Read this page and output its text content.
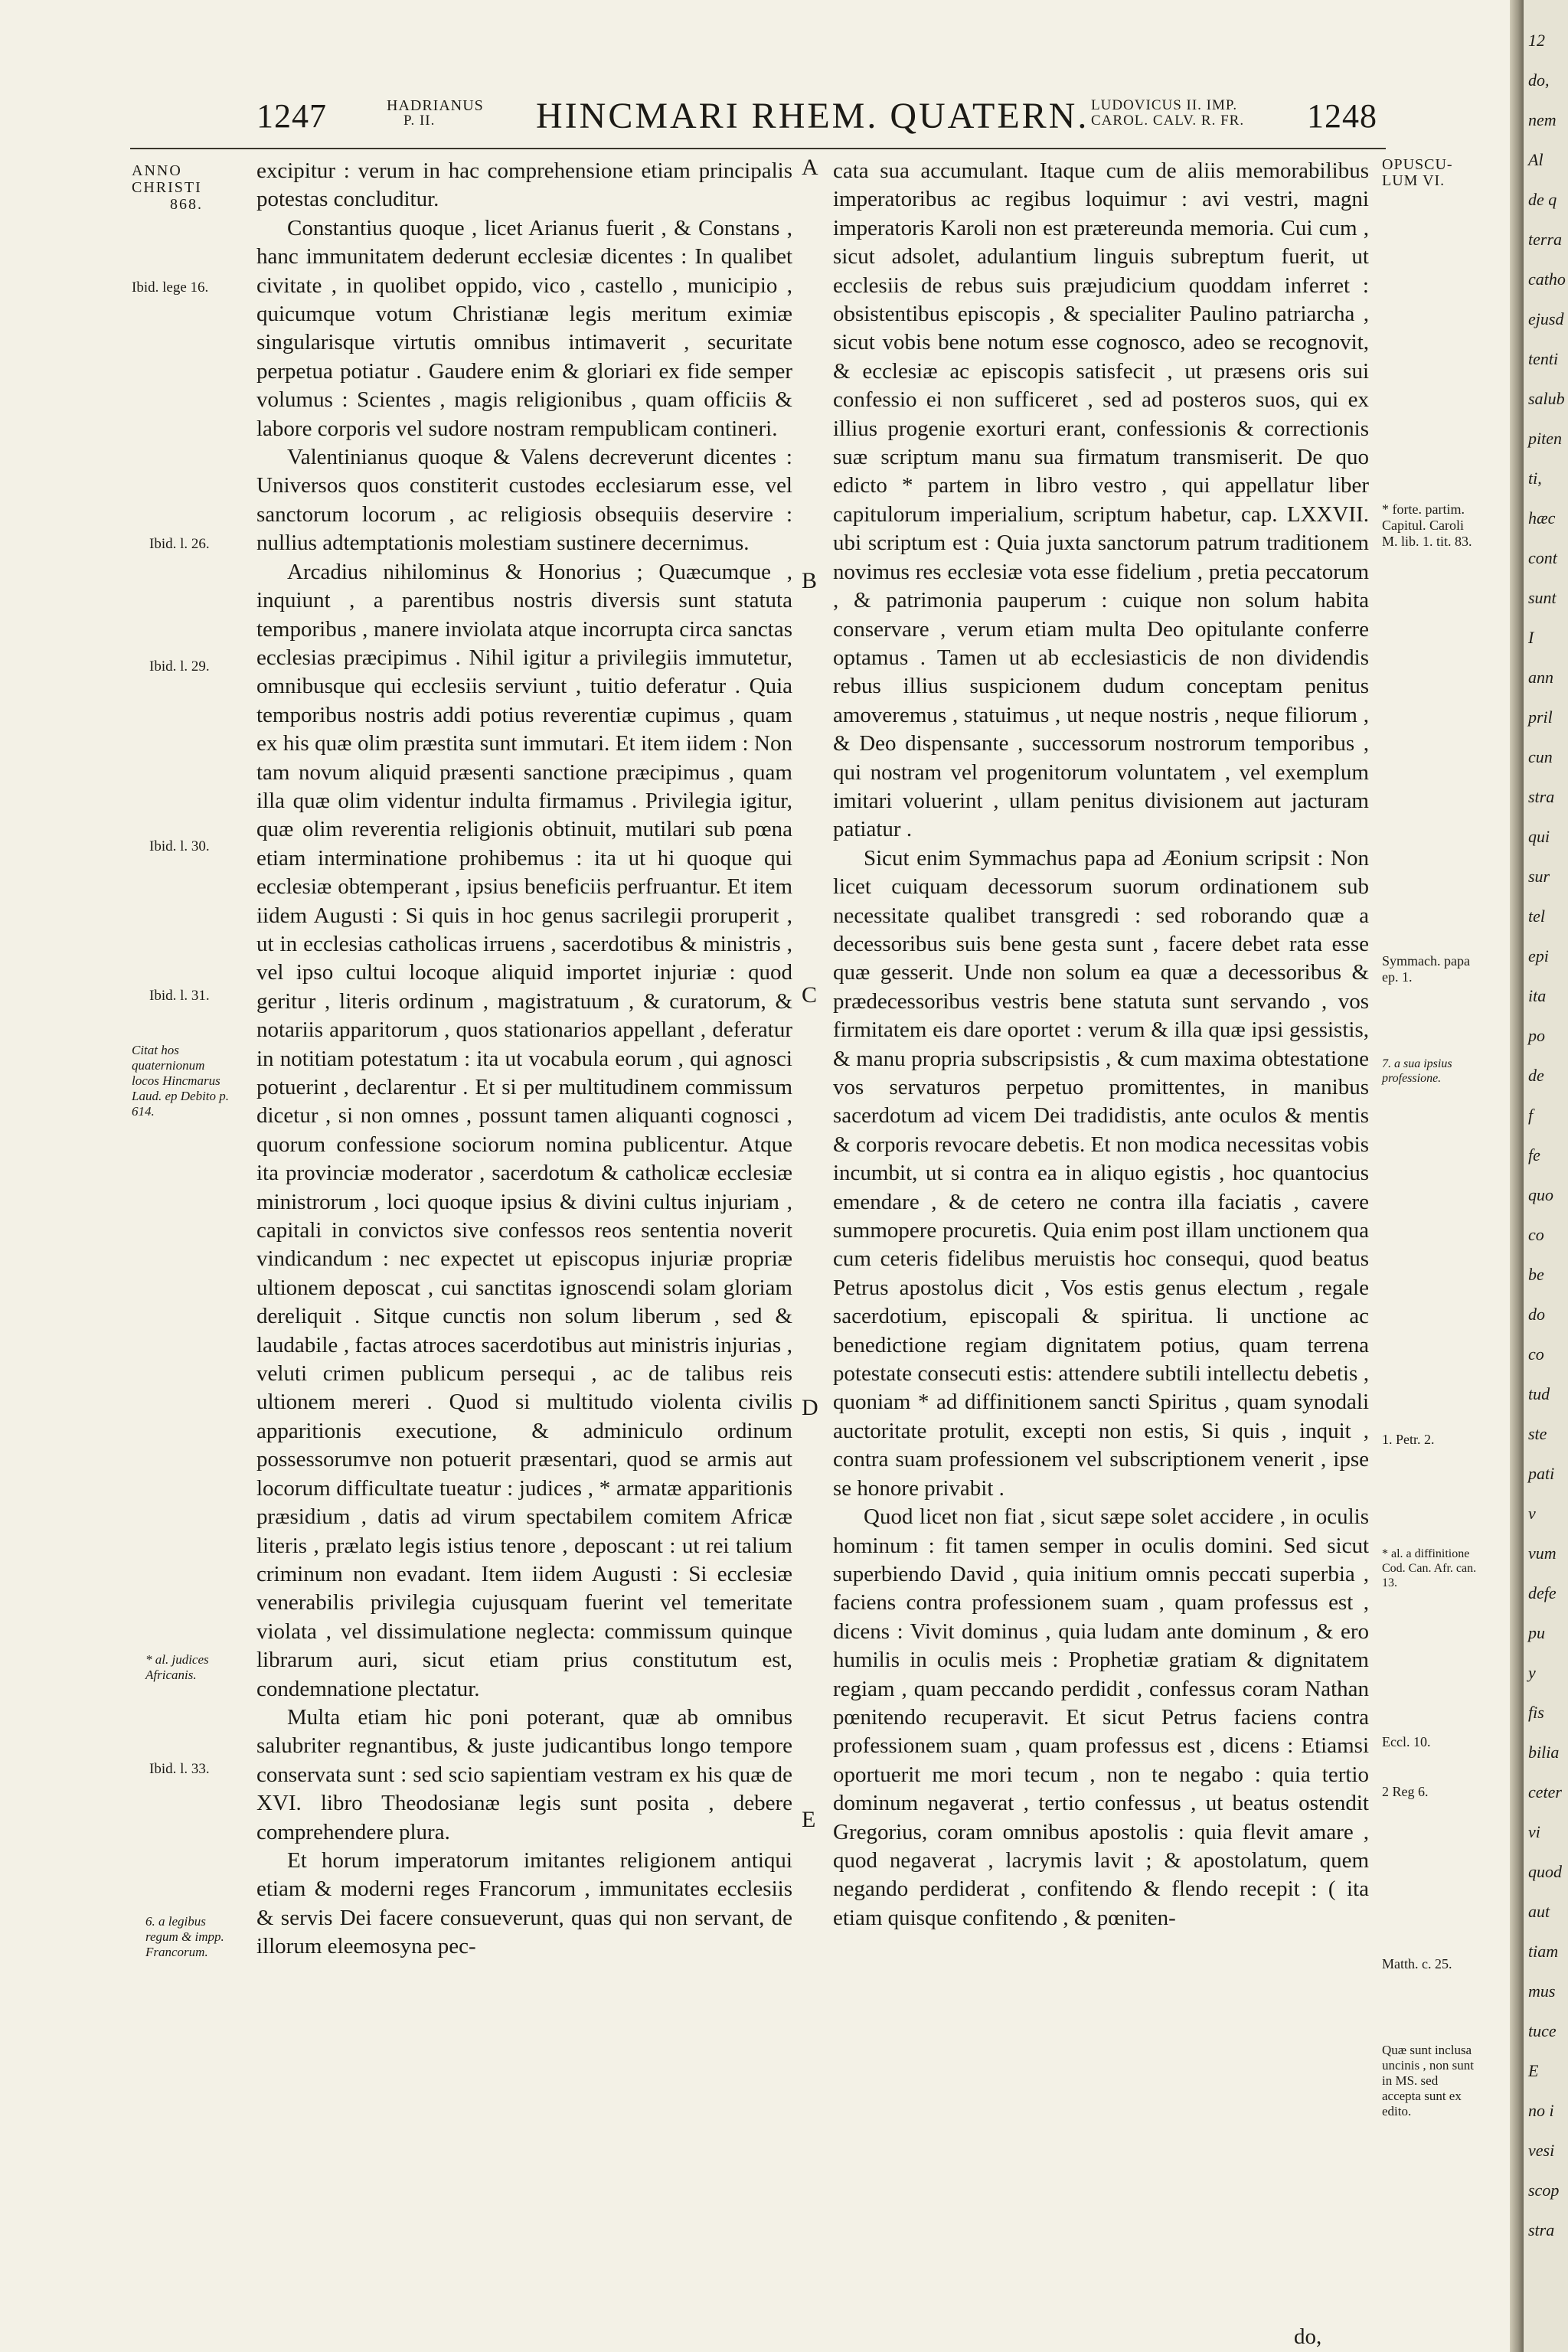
1247	HADRIANUS
P. II.	HINCMARI RHEM. QUATERN. LUDOVICUS II. IMP.
CAROL. CALV. R. FR. 1248
ANNO
CHRISTI
868.
Ibid. lege 16.
Ibid. l. 26.
Ibid. l. 29.
Ibid. l. 30.
Ibid. l. 31.
Citat hos quaternionum locos Hincmarus Laud. ep Debito p. 614.
* al. judices Africanis.
Ibid. l. 33.
6. a legibus regum & impp. Francorum.

excipitur : verum in hac comprehensione etiam principalis potestas concluditur.

Constantius quoque , licet Arianus fuerit , & Constans , hanc immunitatem dederunt ecclesiæ dicentes : In qualibet civitate , in quolibet oppido, vico , castello , municipio , quicumque votum Christianæ legis meritum eximiæ singularisque virtutis omnibus intimaverit , securitate perpetua potiatur . Gaudere enim & gloriari ex fide semper volumus : Scientes , magis religionibus , quam officiis & labore corporis vel sudore nostram rempublicam contineri.

Valentinianus quoque & Valens decreverunt dicentes : Universos quos constiterit custodes ecclesiarum esse, vel sanctorum locorum , ac religiosis obsequiis deservire : nullius adtemptationis molestiam sustinere decernimus.

Arcadius nihilominus & Honorius ; Quæcumque , inquiunt , a parentibus nostris diversis sunt statuta temporibus , manere inviolata atque incorrupta circa sanctas ecclesias præcipimus . Nihil igitur a privilegiis immutetur, omnibusque qui ecclesiis serviunt , tuitio deferatur . Quia temporibus nostris addi potius reverentiæ cupimus , quam ex his quæ olim præstita sunt immutari. Et item iidem : Non tam novum aliquid præsenti sanctione præcipimus , quam illa quæ olim videntur indulta firmamus . Privilegia igitur, quæ olim reverentia religionis obtinuit, mutilari sub pœna etiam interminatione prohibemus : ita ut hi quoque qui ecclesiæ obtemperant , ipsius beneficiis perfruantur. Et item iidem Augusti : Si quis in hoc genus sacrilegii proruperit , ut in ecclesias catholicas irruens , sacerdotibus & ministris , vel ipso cultui locoque aliquid importet injuriæ : quod geritur , literis ordinum , magistratuum , & curatorum, & notariis apparitorum , quos stationarios appellant , deferatur in notitiam potestatum : ita ut vocabula eorum , qui agnosci potuerint , declarentur . Et si per multitudinem commissum dicetur , si non omnes , possunt tamen aliquanti cognosci , quorum confessione sociorum nomina publicentur. Atque ita provinciæ moderator , sacerdotum & catholicæ ecclesiæ ministrorum , loci quoque ipsius & divini cultus injuriam , capitali in convictos sive confessos reos sententia noverit vindicandum : nec expectet ut episcopus injuriæ propriæ ultionem deposcat , cui sanctitas ignoscendi solam gloriam dereliquit . Sitque cunctis non solum liberum , sed & laudabile , factas atroces sacerdotibus aut ministris injurias , veluti crimen publicum persequi , ac de talibus reis ultionem mereri . Quod si multitudo violenta civilis apparitionis executione, & adminiculo ordinum possessorumve non potuerit præsentari, quod se armis aut locorum difficultate tueatur : judices , * armatæ apparitionis præsidium , datis ad virum spectabilem comitem Africæ literis , prælato legis istius tenore , deposcant : ut rei talium criminum non evadant. Item iidem Augusti : Si ecclesiæ venerabilis privilegia cujusquam fuerint vel temeritate violata , vel dissimulatione neglecta: commissum quinque librarum auri, sicut etiam prius constitutum est, condemnatione plectatur.

Multa etiam hic poni poterant, quæ ab omnibus salubriter regnantibus, & juste judicantibus longo tempore conservata sunt : sed scio sapientiam vestram ex his quæ de XVI. libro Theodosianæ legis sunt posita , debere comprehendere plura.

Et horum imperatorum imitantes religionem antiqui etiam & moderni reges Francorum , immunitates ecclesiis & servis Dei facere consueverunt, quas qui non servant, de illorum eleemosyna pec-

A
B
C
D
E

cata sua accumulant. Itaque cum de aliis memorabilibus imperatoribus ac regibus loquimur : avi vestri, magni imperatoris Karoli non est prætereunda memoria. Cui cum , sicut adsolet, adulantium linguis subreptum fuerit, ut ecclesiis de rebus suis præjudicium quoddam inferret : obsistentibus episcopis , & specialiter Paulino patriarcha , sicut vobis bene notum esse cognosco, adeo se recognovit, & ecclesiæ ac episcopis satisfecit , ut præsens oris sui confessio ei non sufficeret , sed ad posteros suos, qui ex illius progenie exorturi erant, confessionis & correctionis suæ scriptum manu sua firmatum transmiserit. De quo edicto * partem in libro vestro , qui appellatur liber capitulorum imperialium, scriptum habetur, cap. LXXVII. ubi scriptum est : Quia juxta sanctorum patrum traditionem novimus res ecclesiæ vota esse fidelium , pretia peccatorum , & patrimonia pauperum : cuique non solum habita conservare , verum etiam multa Deo opitulante conferre optamus . Tamen ut ab ecclesiasticis de non dividendis rebus illius suspicionem dudum conceptam penitus amoveremus , statuimus , ut neque nostris , neque filiorum , & Deo dispensante , successorum nostrorum temporibus , qui nostram vel progenitorum voluntatem , vel exemplum imitari voluerint , ullam penitus divisionem aut jacturam patiatur .

Sicut enim Symmachus papa ad Æonium scripsit : Non licet cuiquam decessorum suorum ordinationem sub necessitate qualibet transgredi : sed roborando quæ a decessoribus suis bene gesta sunt , facere debet rata esse quæ gesserit. Unde non solum ea quæ a decessoribus & prædecessoribus vestris bene statuta sunt servando , vos firmitatem eis dare oportet : verum & illa quæ ipsi gessistis, & manu propria subscripsistis , & cum maxima obtestatione vos servaturos perpetuo promittentes, in manibus sacerdotum ad vicem Dei tradidistis, ante oculos & mentis & corporis revocare debetis. Et non modica necessitas vobis incumbit, ut si contra ea in aliquo egistis , hoc quantocius emendare , & de cetero ne contra illa faciatis , cavere summopere procuretis. Quia enim post illam unctionem qua cum ceteris fidelibus meruistis hoc consequi, quod beatus Petrus apostolus dicit , Vos estis genus electum , regale sacerdotium, episcopali & spiritua. li unctione ac benedictione regiam dignitatem potius, quam terrena potestate consecuti estis: attendere subtili intellectu debetis , quoniam * ad diffinitionem sancti Spiritus , quam synodali auctoritate protulit, excepti non estis, Si quis , inquit , contra suam professionem vel subscriptionem venerit , ipse se honore privabit .

Quod licet non fiat , sicut sæpe solet accidere , in oculis hominum : fit tamen semper in oculis domini. Sed sicut superbiendo David , quia initium omnis peccati superbia , faciens contra professionem suam , quam professus est , dicens : Vivit dominus , quia ludam ante dominum , & ero humilis in oculis meis : Prophetiæ gratiam & dignitatem regiam , quam peccando perdidit , confessus coram Nathan pœnitendo recuperavit. Et sicut Petrus faciens contra professionem suam , quam professus est , dicens : Etiamsi oportuerit me mori tecum , non te negabo : quia tertio dominum negaverat , tertio confessus , ut beatus ostendit Gregorius, coram omnibus apostolis : quia flevit amare , quod negaverat , lacrymis lavit ; & apostolatum, quem negando perdiderat , confitendo & flendo recepit : ( ita etiam quisque confitendo , & pœniten-

do,
OPUSCU-
LUM VI.
* forte. partim. Capitul. Caroli M. lib. 1. tit. 83.
Symmach. papa ep. 1.
7. a sua ipsius professione.
1. Petr. 2.
* al. a diffinitione Cod. Can. Afr. can. 13.
Eccl. 10.
2 Reg 6.
Matth. c. 25.
Quæ sunt inclusa uncinis , non sunt in MS. sed accepta sunt ex edito.
12
do,
nem
Al
de q
terra
catho
ejusd
tenti
salub
piten
ti,
hæc
cont
sunt
I
ann
pril
cun
stra
qui
sur
tel
epi
ita
po
de
f
fe
quo
co
be
do
co
tud
ste
pati
v
vum
defe
pu
y
fis
bilia
ceter
vi
quod
aut
tiam
mus
tuce
E
no i
vesi
scop
stra
